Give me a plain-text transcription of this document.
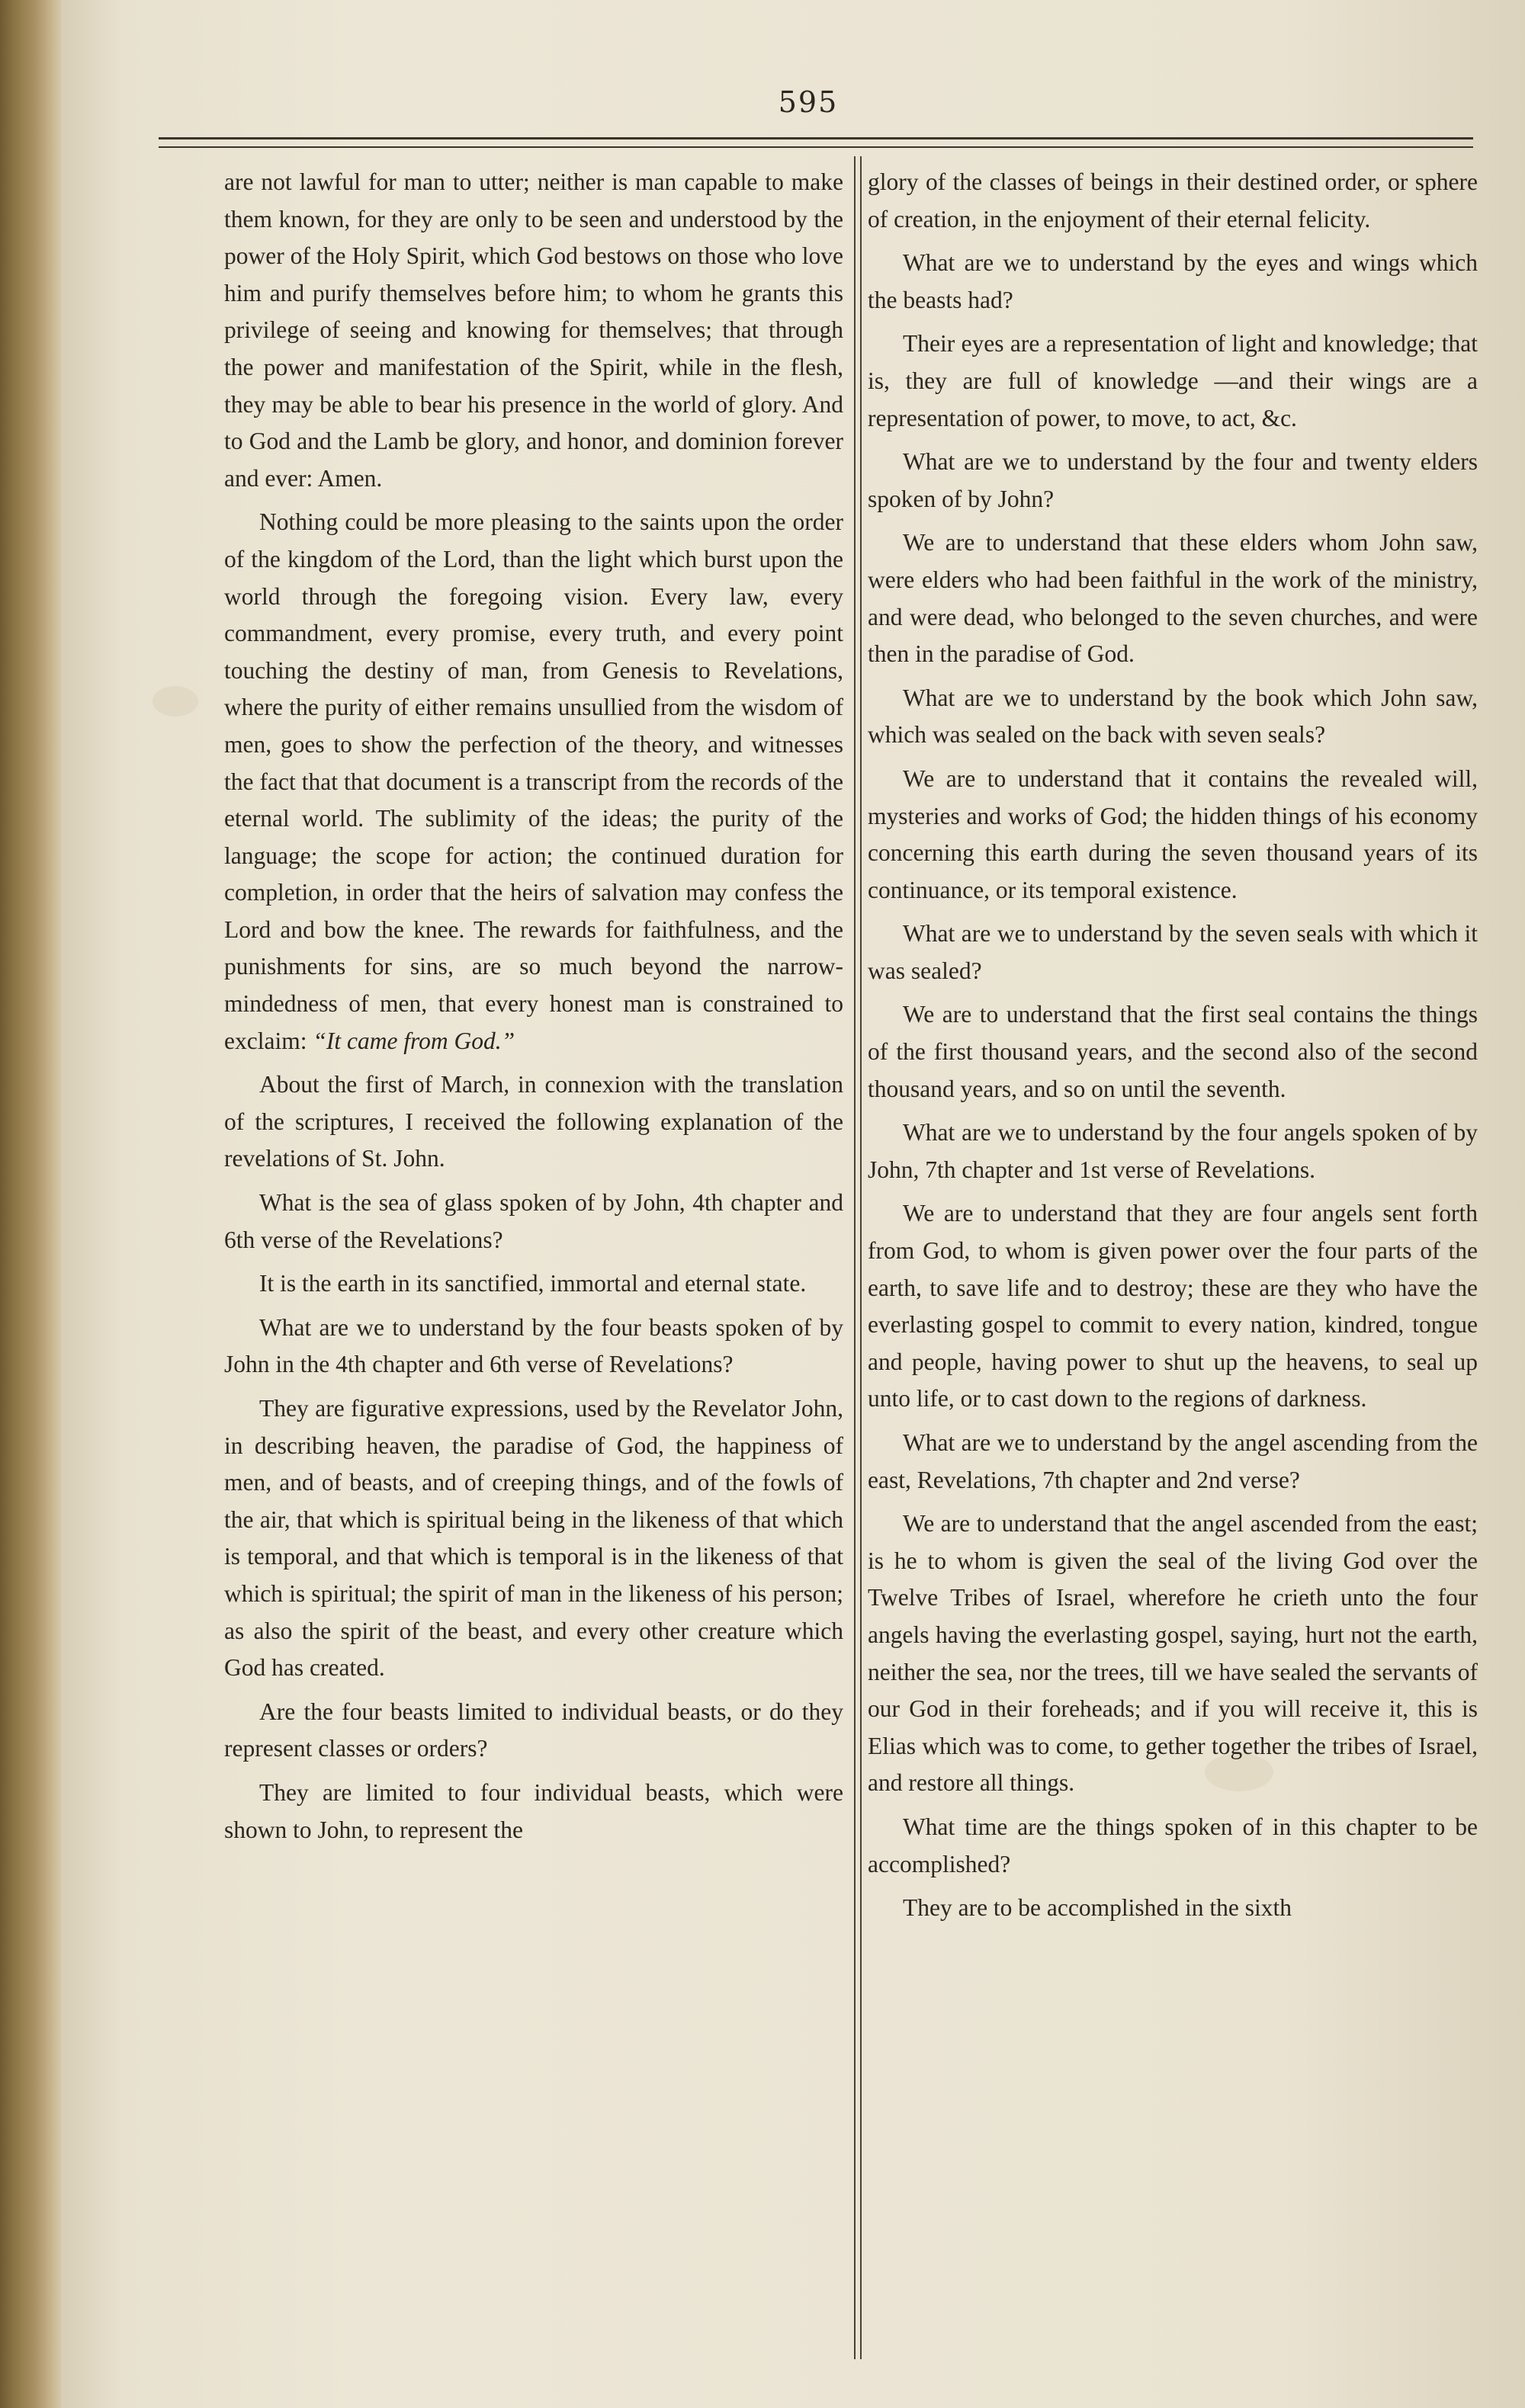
595

are not lawful for man to utter; neither is man capable to make them known, for they are only to be seen and understood by the power of the Holy Spirit, which God bestows on those who love him and purify themselves before him; to whom he grants this privilege of seeing and knowing for themselves; that through the power and manifestation of the Spirit, while in the flesh, they may be able to bear his presence in the world of glory. And to God and the Lamb be glory, and honor, and dominion forever and ever: Amen.

Nothing could be more pleasing to the saints upon the order of the kingdom of the Lord, than the light which burst upon the world through the foregoing vision. Every law, every commandment, every promise, every truth, and every point touching the destiny of man, from Genesis to Revelations, where the purity of either remains unsullied from the wisdom of men, goes to show the perfection of the theory, and witnesses the fact that that document is a transcript from the records of the eternal world. The sublimity of the ideas; the purity of the language; the scope for action; the continued duration for completion, in order that the heirs of salvation may confess the Lord and bow the knee. The rewards for faithfulness, and the punishments for sins, are so much beyond the narrow-mindedness of men, that every honest man is constrained to exclaim: “It came from God.”

About the first of March, in connexion with the translation of the scriptures, I received the following explanation of the revelations of St. John.

What is the sea of glass spoken of by John, 4th chapter and 6th verse of the Revelations?

It is the earth in its sanctified, immortal and eternal state.

What are we to understand by the four beasts spoken of by John in the 4th chapter and 6th verse of Revelations?

They are figurative expressions, used by the Revelator John, in describing heaven, the paradise of God, the happiness of men, and of beasts, and of creeping things, and of the fowls of the air, that which is spiritual being in the likeness of that which is temporal, and that which is temporal is in the likeness of that which is spiritual; the spirit of man in the likeness of his person; as also the spirit of the beast, and every other creature which God has created.

Are the four beasts limited to individual beasts, or do they represent classes or orders?

They are limited to four individual beasts, which were shown to John, to represent the

glory of the classes of beings in their destined order, or sphere of creation, in the enjoyment of their eternal felicity.

What are we to understand by the eyes and wings which the beasts had?

Their eyes are a representation of light and knowledge; that is, they are full of knowledge —and their wings are a representation of power, to move, to act, &c.

What are we to understand by the four and twenty elders spoken of by John?

We are to understand that these elders whom John saw, were elders who had been faithful in the work of the ministry, and were dead, who belonged to the seven churches, and were then in the paradise of God.

What are we to understand by the book which John saw, which was sealed on the back with seven seals?

We are to understand that it contains the revealed will, mysteries and works of God; the hidden things of his economy concerning this earth during the seven thousand years of its continuance, or its temporal existence.

What are we to understand by the seven seals with which it was sealed?

We are to understand that the first seal contains the things of the first thousand years, and the second also of the second thousand years, and so on until the seventh.

What are we to understand by the four angels spoken of by John, 7th chapter and 1st verse of Revelations.

We are to understand that they are four angels sent forth from God, to whom is given power over the four parts of the earth, to save life and to destroy; these are they who have the everlasting gospel to commit to every nation, kindred, tongue and people, having power to shut up the heavens, to seal up unto life, or to cast down to the regions of darkness.

What are we to understand by the angel ascending from the east, Revelations, 7th chapter and 2nd verse?

We are to understand that the angel ascended from the east; is he to whom is given the seal of the living God over the Twelve Tribes of Israel, wherefore he crieth unto the four angels having the everlasting gospel, saying, hurt not the earth, neither the sea, nor the trees, till we have sealed the servants of our God in their foreheads; and if you will receive it, this is Elias which was to come, to gether together the tribes of Israel, and restore all things.

What time are the things spoken of in this chapter to be accomplished?

They are to be accomplished in the sixth
